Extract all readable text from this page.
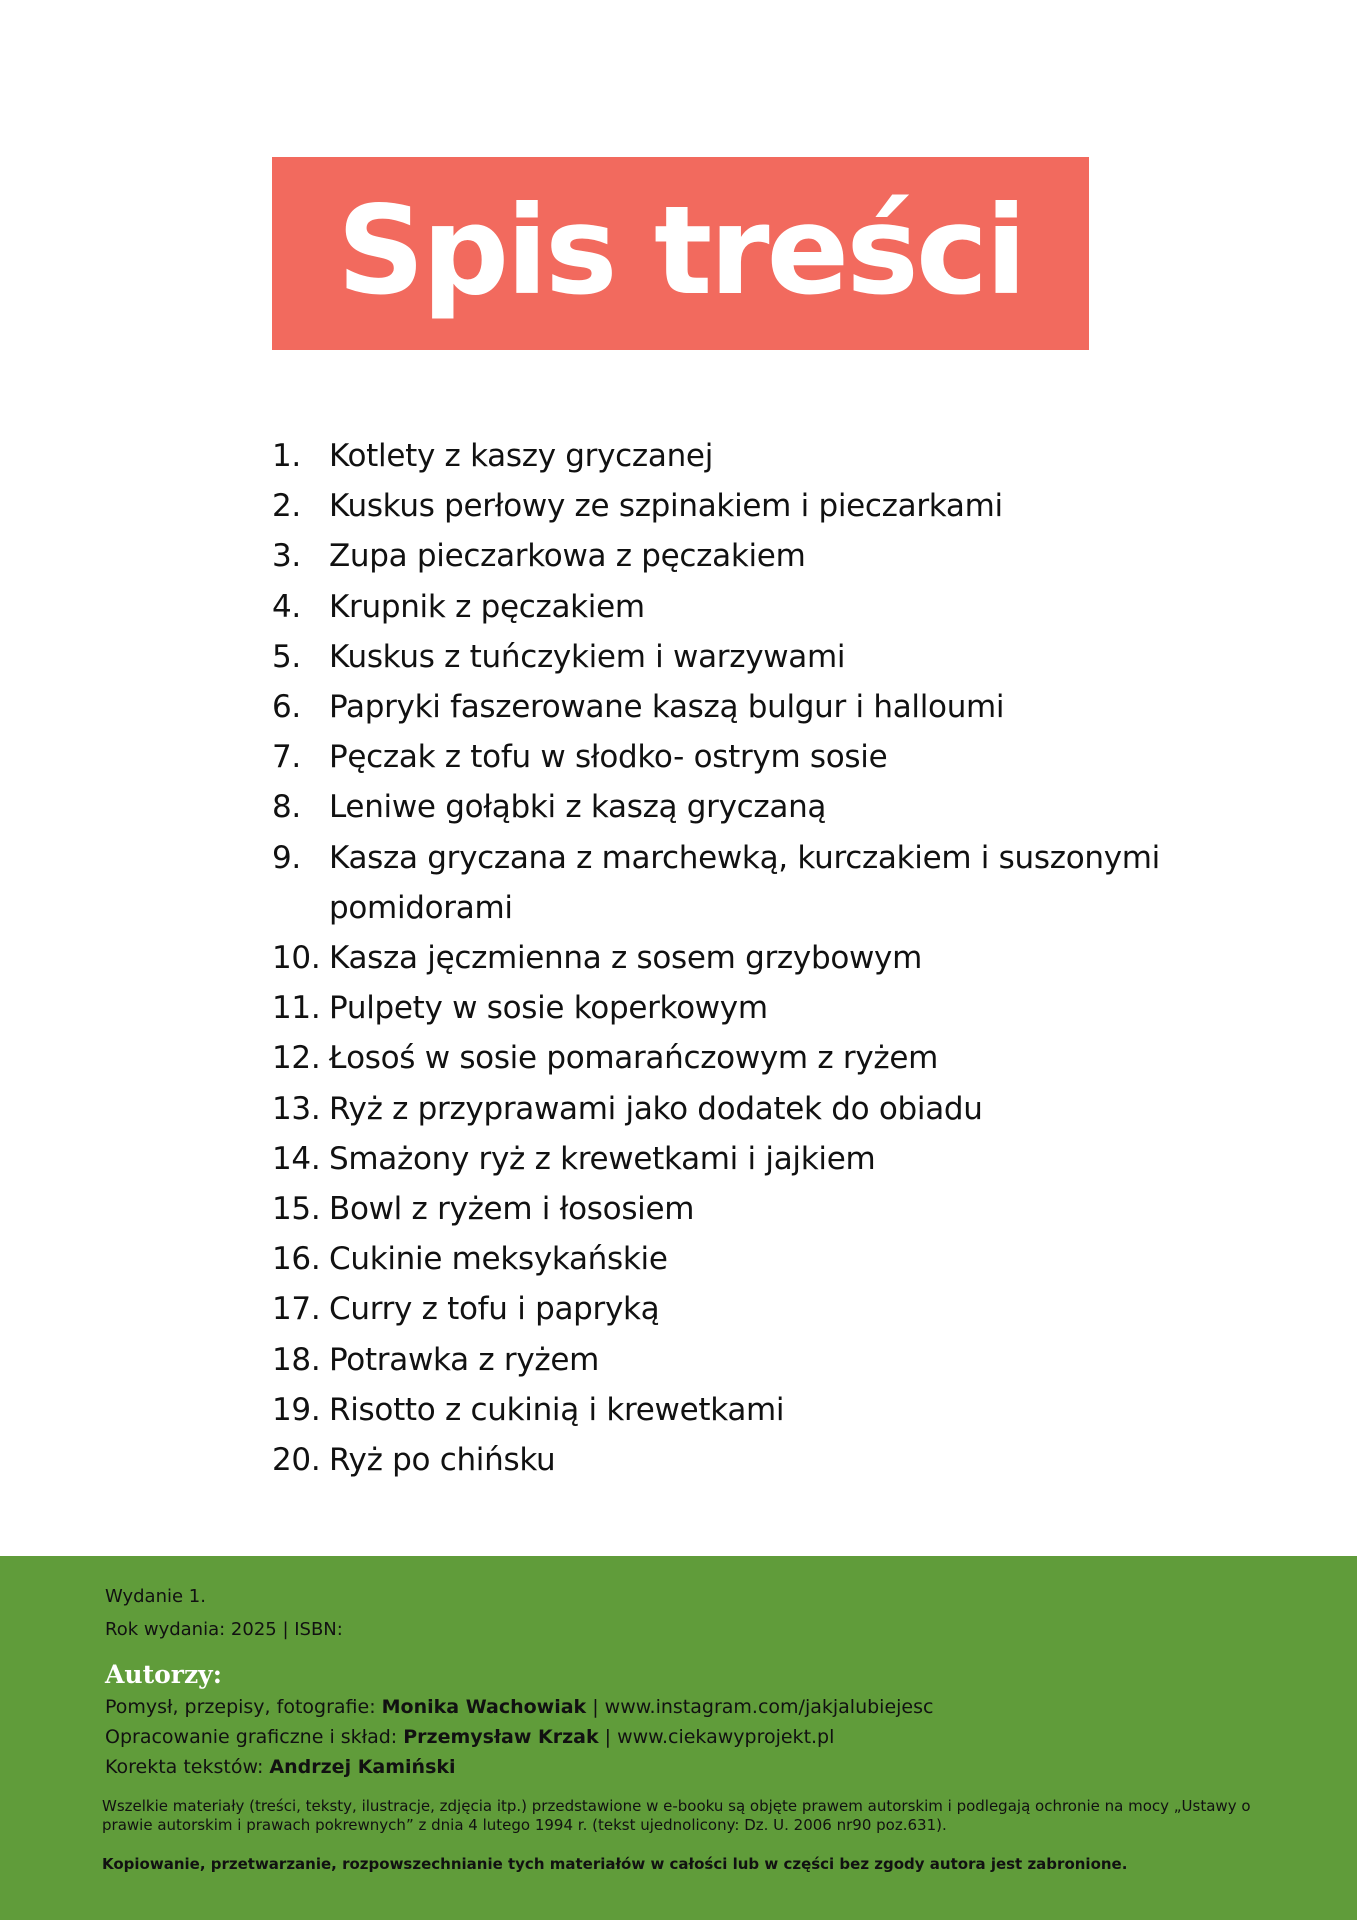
Spis treści
1. Kotlety z kaszy gryczanej
2. Kuskus perłowy ze szpinakiem i pieczarkami
3. Zupa pieczarkowa z pęczakiem
4. Krupnik z pęczakiem
5. Kuskus z tuńczykiem i warzywami
6. Papryki faszerowane kaszą bulgur i halloumi
7. Pęczak z tofu w słodko- ostrym sosie
8. Leniwe gołąbki z kaszą gryczaną
9. Kasza gryczana z marchewką, kurczakiem i suszonymi pomidorami
10. Kasza jęczmienna z sosem grzybowym
11. Pulpety w sosie koperkowym
12. Łosoś w sosie pomarańczowym z ryżem
13. Ryż z przyprawami jako dodatek do obiadu
14. Smażony ryż z krewetkami i jajkiem
15. Bowl z ryżem i łososiem
16. Cukinie meksykańskie
17. Curry z tofu i papryką
18. Potrawka z ryżem
19. Risotto z cukinią i krewetkami
20. Ryż po chińsku
Wydanie 1.
Rok wydania: 2025 | ISBN:
Autorzy:
Pomysł, przepisy, fotografie: Monika Wachowiak | www.instagram.com/jakjalubiejesc
Opracowanie graficzne i skład: Przemysław Krzak | www.ciekawyprojekt.pl
Korekta tekstów: Andrzej Kamiński
Wszelkie materiały (treści, teksty, ilustracje, zdjęcia itp.) przedstawione w e-booku są objęte prawem autorskim i podlegają ochronie na mocy „Ustawy o prawie autorskim i prawach pokrewnych” z dnia 4 lutego 1994 r. (tekst ujednolicony: Dz. U. 2006 nr90 poz.631).
Kopiowanie, przetwarzanie, rozpowszechnianie tych materiałów w całości lub w części bez zgody autora jest zabronione.
